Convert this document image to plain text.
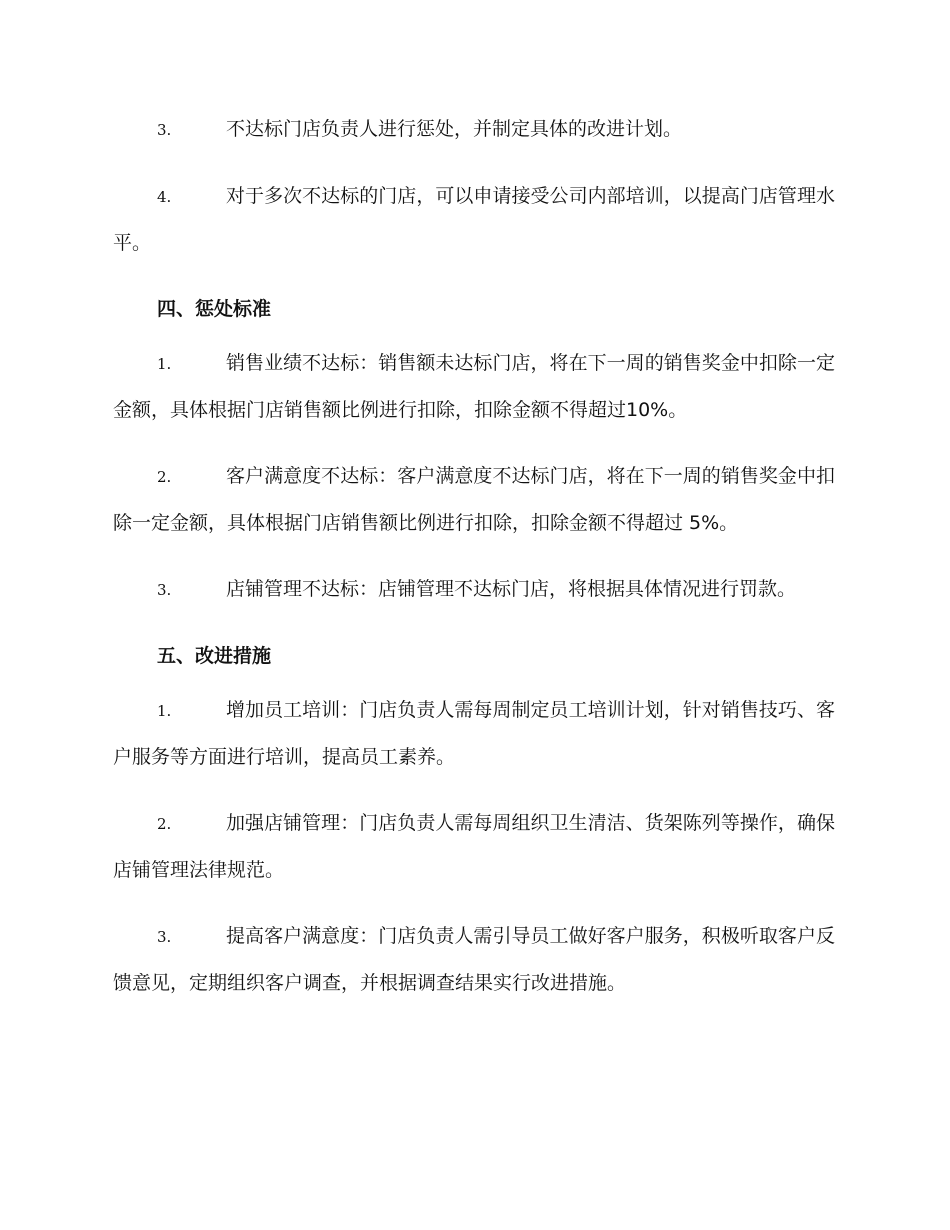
3.	不达标门店负责人进行惩处，并制定具体的改进计划。

4.	对于多次不达标的门店，可以申请接受公司内部培训，以提高门店管理水平。

四、惩处标准

1.	销售业绩不达标：销售额未达标门店，将在下一周的销售奖金中扣除一定金额，具体根据门店销售额比例进行扣除，扣除金额不得超过10%。

2.	客户满意度不达标：客户满意度不达标门店，将在下一周的销售奖金中扣除一定金额，具体根据门店销售额比例进行扣除，扣除金额不得超过 5%。

3.	店铺管理不达标：店铺管理不达标门店，将根据具体情况进行罚款。

五、改进措施

1.	增加员工培训：门店负责人需每周制定员工培训计划，针对销售技巧、客户服务等方面进行培训，提高员工素养。

2.	加强店铺管理：门店负责人需每周组织卫生清洁、货架陈列等操作，确保店铺管理法律规范。

3.	提高客户满意度：门店负责人需引导员工做好客户服务，积极听取客户反馈意见，定期组织客户调查，并根据调查结果实行改进措施。
